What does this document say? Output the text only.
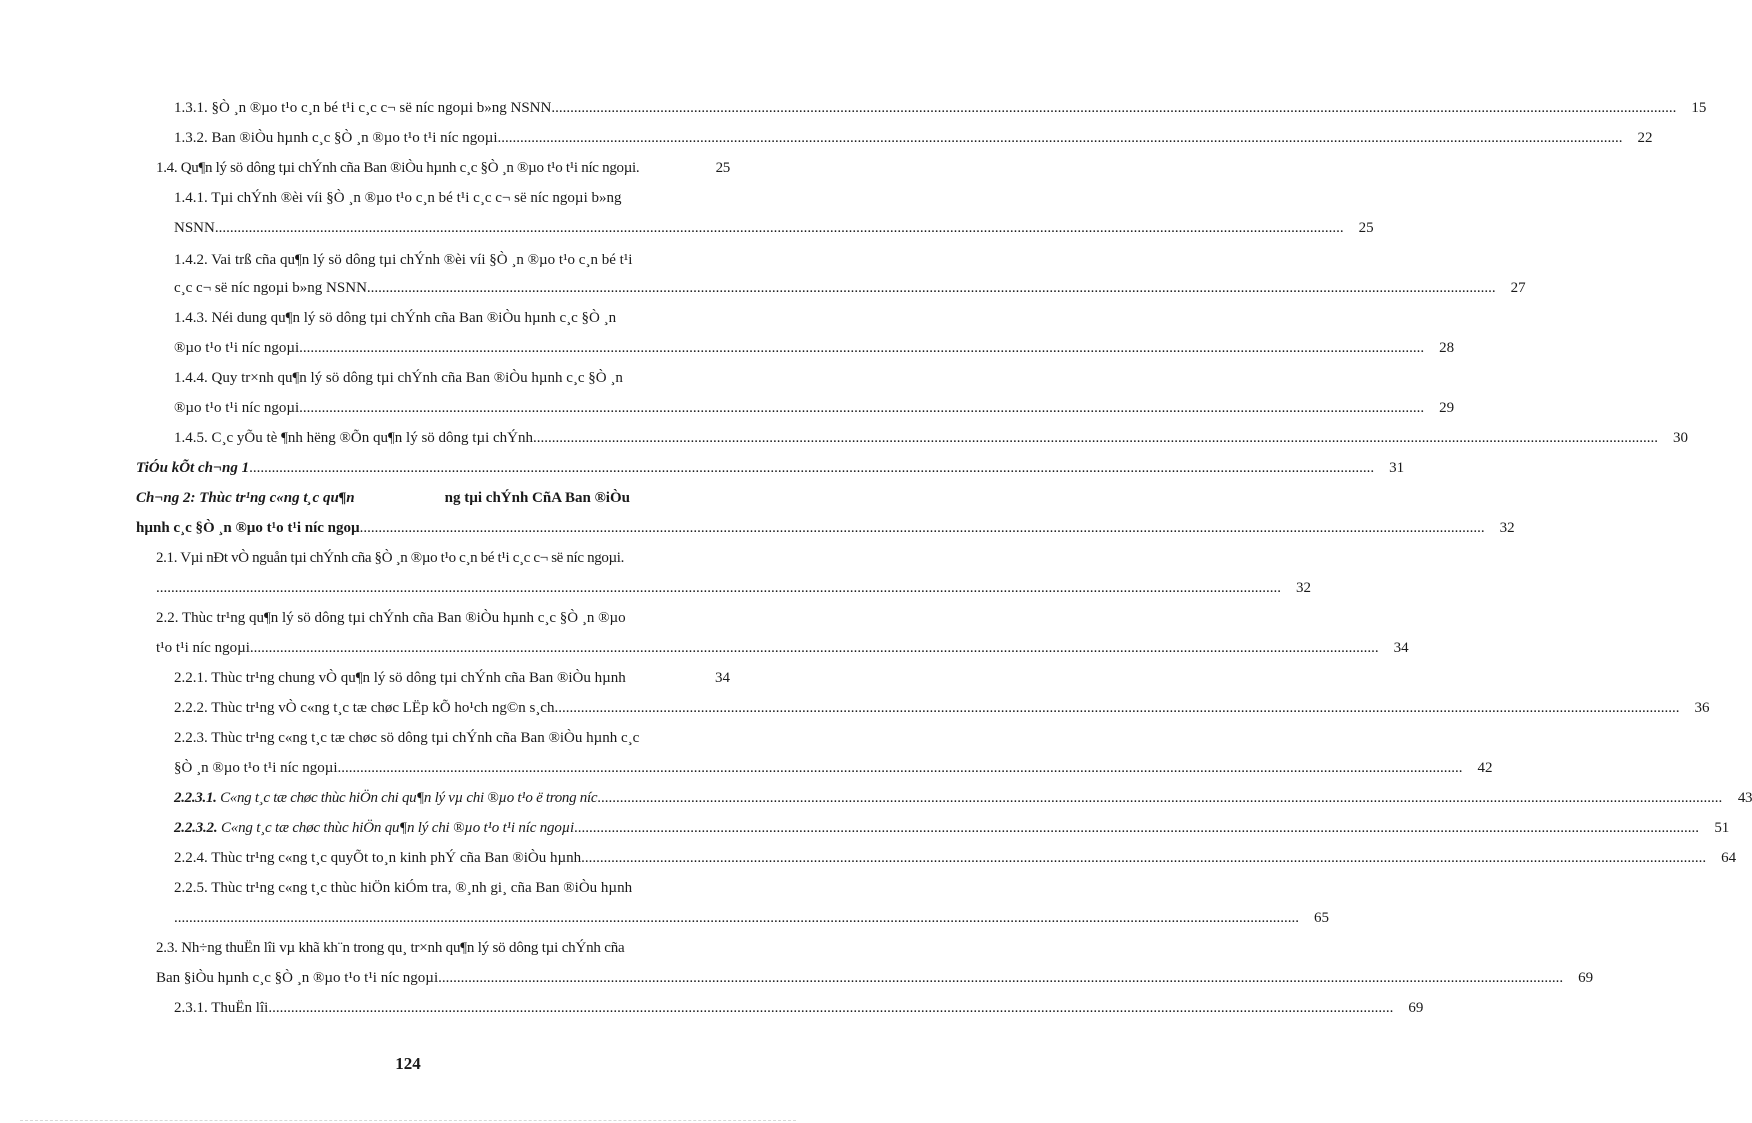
1.3.1. §Ò ¸n ®µo t¹o c¸n bé t¹i c¸c c¬ së níc ngoµi b»ng NSNN ............................................................................................................................................................................................................................................................................................................	15
1.3.2. Ban ®iÒu hµnh c¸c §Ò ¸n ®µo t¹o t¹i níc ngoµi ............................................................................................................................................................................................................................................................................................................	22
1.4. Qu¶n lý sö dông tµi chÝnh cña Ban ®iÒu hµnh c¸c §Ò ¸n ®µo t¹o t¹i níc ngoµi.	25
1.4.1. Tµi chÝnh ®èi víi §Ò ¸n ®µo t¹o c¸n bé t¹i c¸c c¬ së níc ngoµi b»ng
NSNN. ............................................................................................................................................................................................................................................................................................................	25
1.4.2. Vai trß cña qu¶n lý sö dông tµi chÝnh ®èi víi §Ò ¸n ®µo t¹o c¸n bé t¹i
c¸c c¬ së níc ngoµi b»ng NSNN. ............................................................................................................................................................................................................................................................................................................	27
1.4.3. Néi dung qu¶n lý sö dông tµi chÝnh cña Ban ®iÒu hµnh c¸c §Ò ¸n
®µo t¹o t¹i níc ngoµi ............................................................................................................................................................................................................................................................................................................	28
1.4.4. Quy tr×nh qu¶n lý sö dông tµi chÝnh cña Ban ®iÒu hµnh c¸c §Ò ¸n
®µo t¹o t¹i níc ngoµi ............................................................................................................................................................................................................................................................................................................	29
1.4.5. C¸c yÕu tè ¶nh hëng ®Õn qu¶n lý sö dông tµi chÝnh ............................................................................................................................................................................................................................................................................................................	30
TiÓu kÕt ch¬ng 1 ............................................................................................................................................................................................................................................................................................................	31
Ch¬ng 2: Thùc tr¹ng c«ng t¸c qu¶n	ng tµi chÝnh CñA Ban ®iÒu
hµnh c¸c §Ò ¸n ®µo t¹o t¹i níc ngoµ ............................................................................................................................................................................................................................................................................................................	32
2.1. Vµi nÐt vÒ nguån tµi chÝnh cña §Ò ¸n ®µo t¹o c¸n bé t¹i c¸c c¬ së níc ngoµi.
............................................................................................................................................................................................................................................................................................................	32
2.2. Thùc tr¹ng qu¶n lý sö dông tµi chÝnh cña Ban ®iÒu hµnh c¸c §Ò ¸n ®µo
t¹o t¹i níc ngoµi. ............................................................................................................................................................................................................................................................................................................	34
2.2.1. Thùc tr¹ng chung vÒ qu¶n lý sö dông tµi chÝnh cña Ban ®iÒu hµnh	34
2.2.2. Thùc tr¹ng vÒ c«ng t¸c tæ chøc LËp kÕ ho¹ch ng©n s¸ch ............................................................................................................................................................................................................................................................................................................	36
2.2.3. Thùc tr¹ng c«ng t¸c tæ chøc sö dông tµi chÝnh cña Ban ®iÒu hµnh c¸c
§Ò ¸n ®µo t¹o t¹i níc ngoµi ............................................................................................................................................................................................................................................................................................................	42
2.2.3.1. C«ng t¸c tæ chøc thùc hiÖn chi qu¶n lý vµ chi ®µo t¹o ë trong níc ............................................................................................................................................................................................................................................................................................................	43
2.2.3.2. C«ng t¸c tæ chøc thùc hiÖn qu¶n lý chi ®µo t¹o t¹i níc ngoµi ............................................................................................................................................................................................................................................................................................................	51
2.2.4. Thùc tr¹ng c«ng t¸c quyÕt to¸n kinh phÝ cña Ban ®iÒu hµnh ............................................................................................................................................................................................................................................................................................................	64
2.2.5. Thùc tr¹ng c«ng t¸c thùc hiÖn kiÓm tra, ®¸nh gi¸ cña Ban ®iÒu hµnh
............................................................................................................................................................................................................................................................................................................	65
2.3. Nh÷ng thuËn lîi vµ khã kh¨n trong qu¸ tr×nh qu¶n lý sö dông tµi chÝnh cña
Ban §iÒu hµnh c¸c §Ò ¸n ®µo t¹o t¹i níc ngoµi ............................................................................................................................................................................................................................................................................................................	69
2.3.1. ThuËn lîi ............................................................................................................................................................................................................................................................................................................	69
124
